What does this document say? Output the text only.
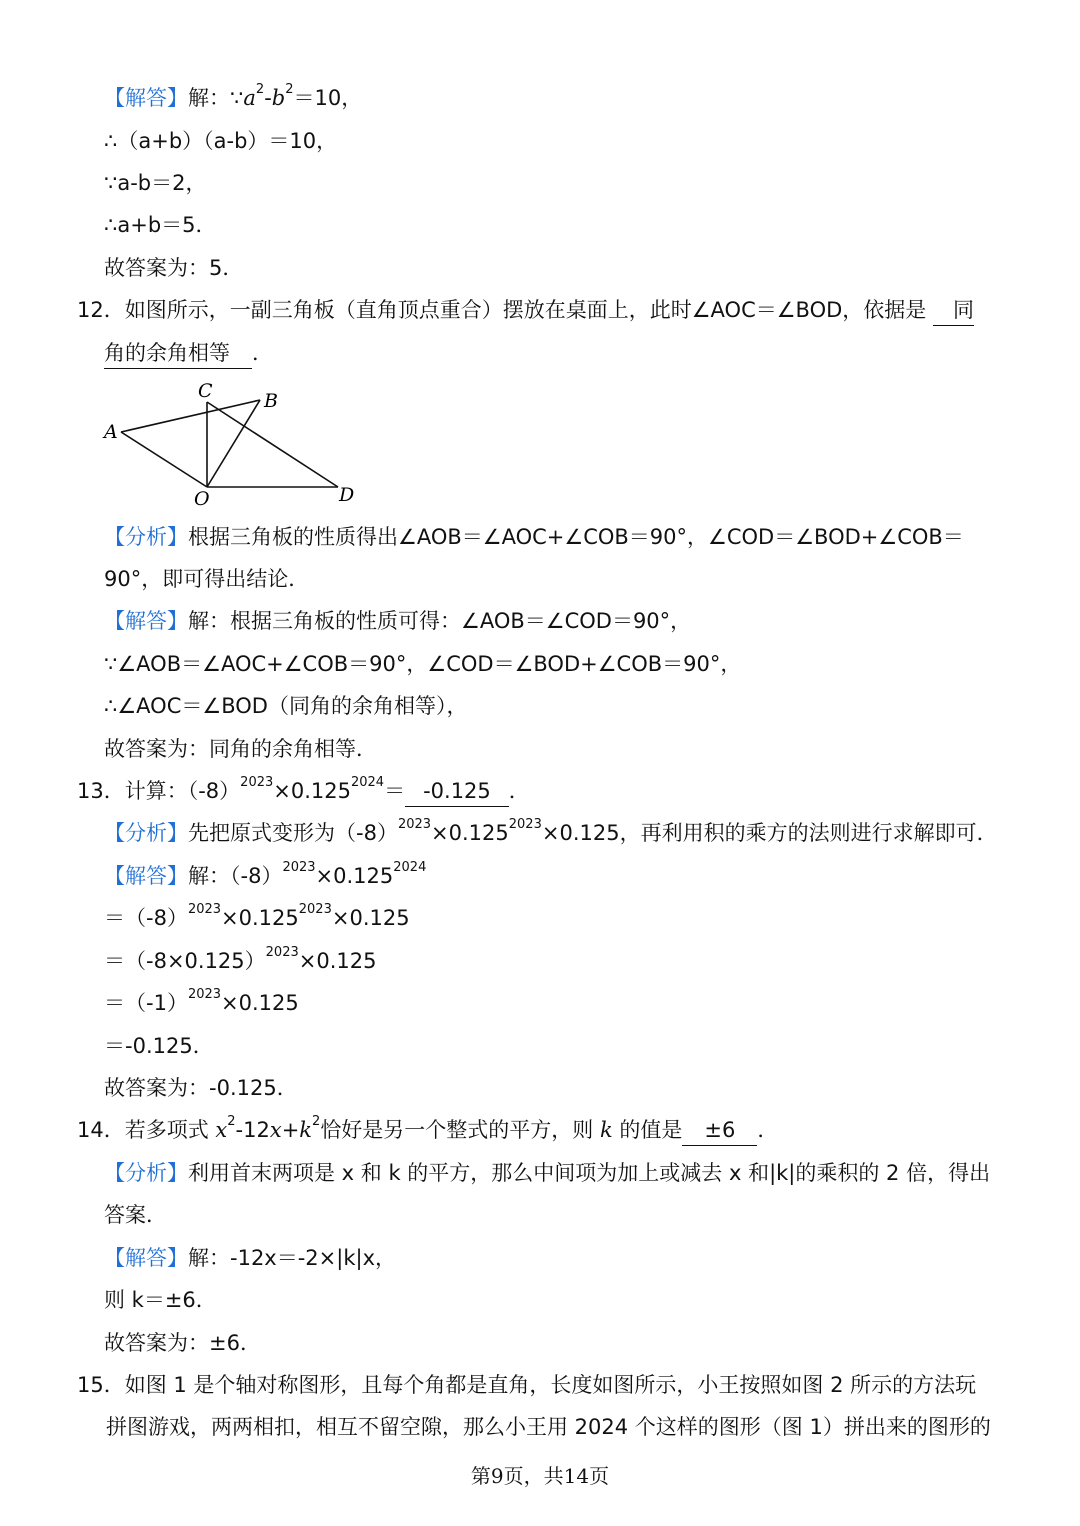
【解答】解：$\because a^2-b^2=10$，
∴（a+b）（a-b）＝10，
∵a-b＝2，
∴a+b＝5．
故答案为：5．
12．如图所示，一副三角板（直角顶点重合）摆放在桌面上，此时∠AOC＝∠BOD，依据是 同
角的余角相等 ．
A
C	B
O	D
【分析】根据三角板的性质得出∠AOB＝∠AOC+∠COB＝90°，∠COD＝∠BOD+∠COB＝
90°，即可得出结论．
【解答】解：根据三角板的性质可得：∠AOB＝∠COD＝90°，
∵∠AOB＝∠AOC+∠COB＝90°，∠COD＝∠BOD+∠COB＝90°，
∴∠AOC＝∠BOD（同角的余角相等），
故答案为：同角的余角相等．
13．计算：$(-8)^{2023}\times 0.125^{2024}= -0.125$ ．
【分析】先把原式变形为$(-8)^{2023}\times 0.125^{2023}\times 0.125$，再利用积的乘方的法则进行求解即可．
【解答】解：$(-8)^{2023}\times 0.125^{2024}$
$=(-8)^{2023}\times 0.125^{2023}\times 0.125$
$=(-8\times 0.125)^{2023}\times 0.125$
$=(-1)^{2023}\times 0.125$
＝-0.125．
故答案为：-0.125．
14．若多项式 $x^2-12x+k^2$恰好是另一个整式的平方，则 k 的值是 ±6 ．
【分析】利用首末两项是 x 和 k 的平方，那么中间项为加上或减去 x 和|k|的乘积的 2 倍，得出
答案．
【解答】解：-12x＝-2×|k|x，
则 k＝±6．
故答案为：±6．
15．如图 1 是个轴对称图形，且每个角都是直角，长度如图所示，小王按照如图 2 所示的方法玩
拼图游戏，两两相扣，相互不留空隙，那么小王用 2024 个这样的图形（图 1）拼出来的图形的
第9页，共14页
